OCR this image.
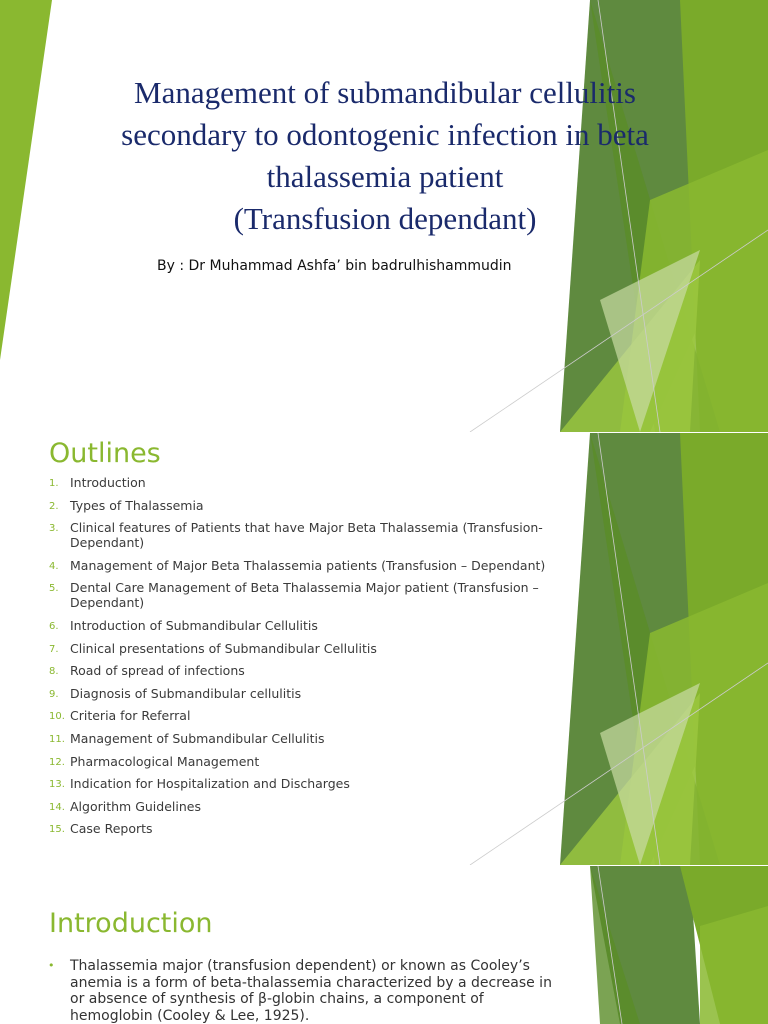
Management of submandibular cellulitis
secondary to odontogenic infection in beta
thalassemia patient
(Transfusion dependant)
By : Dr Muhammad Ashfa’ bin badrulhishammudin
Outlines
1. Introduction
2. Types of Thalassemia
3. Clinical features of Patients that have Major Beta Thalassemia (Transfusion-
Dependant)
4. Management of Major Beta Thalassemia patients (Transfusion – Dependant)
5. Dental Care Management of Beta Thalassemia Major patient (Transfusion –
Dependant)
6. Introduction of Submandibular Cellulitis
7. Clinical presentations of Submandibular Cellulitis
8. Road of spread of infections
9. Diagnosis of Submandibular cellulitis
10. Criteria for Referral
11. Management of Submandibular Cellulitis
12. Pharmacological Management
13. Indication for Hospitalization and Discharges
14. Algorithm Guidelines
15. Case Reports
Introduction
• Thalassemia major (transfusion dependent) or known as Cooley’s
anemia is a form of beta-thalassemia characterized by a decrease in
or absence of synthesis of β-globin chains, a component of
hemoglobin (Cooley & Lee, 1925).
